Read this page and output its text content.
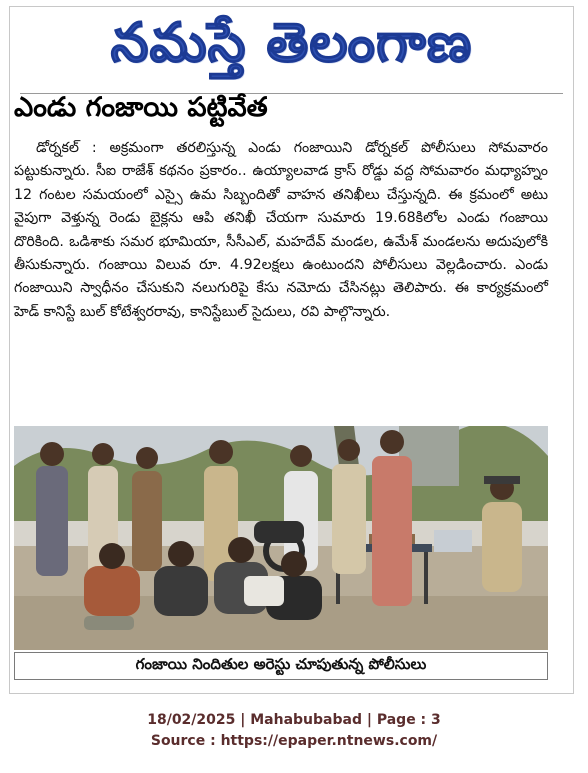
నమస్తే తెలంగాణ
ఎండు గంజాయి పట్టివేత

డోర్నకల్ : అక్రమంగా తరలిస్తున్న ఎండు గంజాయిని డోర్నకల్ పోలీసులు సోమవారం పట్టుకున్నారు. సీఐ రాజేశ్ కథనం ప్రకారం.. ఉయ్యాలవాడ క్రాస్ రోడ్డు వద్ద సోమవారం మధ్యాహ్నం 12 గంటల సమయంలో ఎస్సై ఉమ సిబ్బందితో వాహన తనిఖీలు చేస్తున్నది. ఈ క్రమంలో అటు వైపుగా వెళ్తున్న రెండు బైక్లను ఆపి తనిఖీ చేయగా సుమారు 19.68కిలోల ఎండు గంజాయి దొరికింది. ఒడిశాకు సమర భూమియా, సీసీఎల్, మహదేవ్ మండల, ఉమేశ్ మండలను అదుపులోకి తీసుకున్నారు. గంజాయి విలువ రూ. 4.92లక్షలు ఉంటుందని పోలీసులు వెల్లడించారు. ఎండు గంజాయిని స్వాధీనం చేసుకుని నలుగురిపై కేసు నమోదు చేసినట్లు తెలిపారు. ఈ కార్యక్రమంలో హెడ్ కానిస్టే బుల్ కోటేశ్వరరావు, కానిస్టేబుల్ సైదులు, రవి పాల్గొన్నారు.

గంజాయి నిందితుల అరెస్టు చూపుతున్న పోలీసులు
18/02/2025 | Mahabubabad | Page : 3
Source : https://epaper.ntnews.com/
